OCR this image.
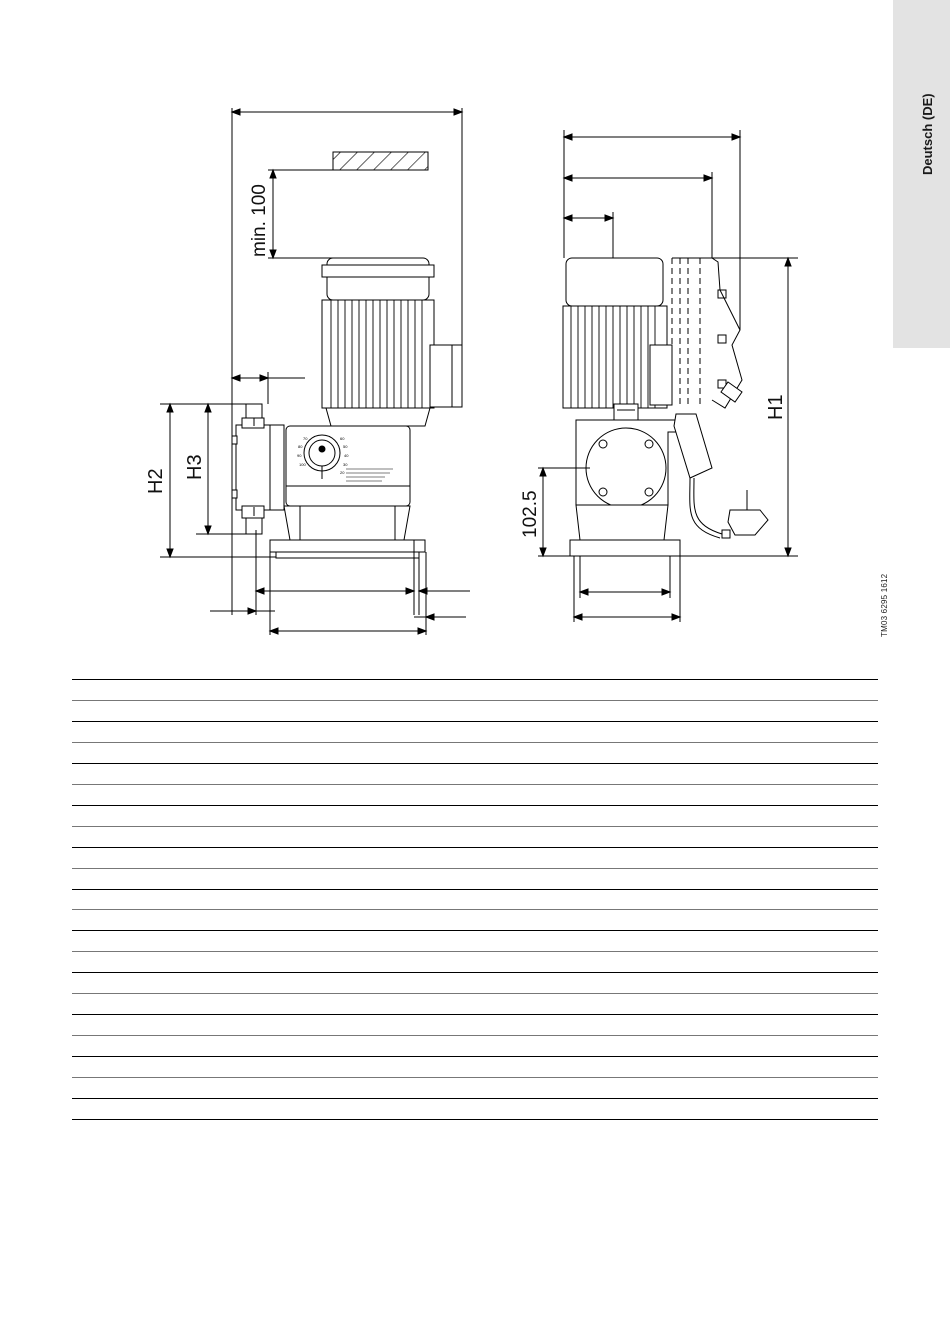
Deutsch (DE)
70
80
90
100
60
50
40
30
20
min. 100
H2
H3
H1
102.5
TM03 6295 1612
